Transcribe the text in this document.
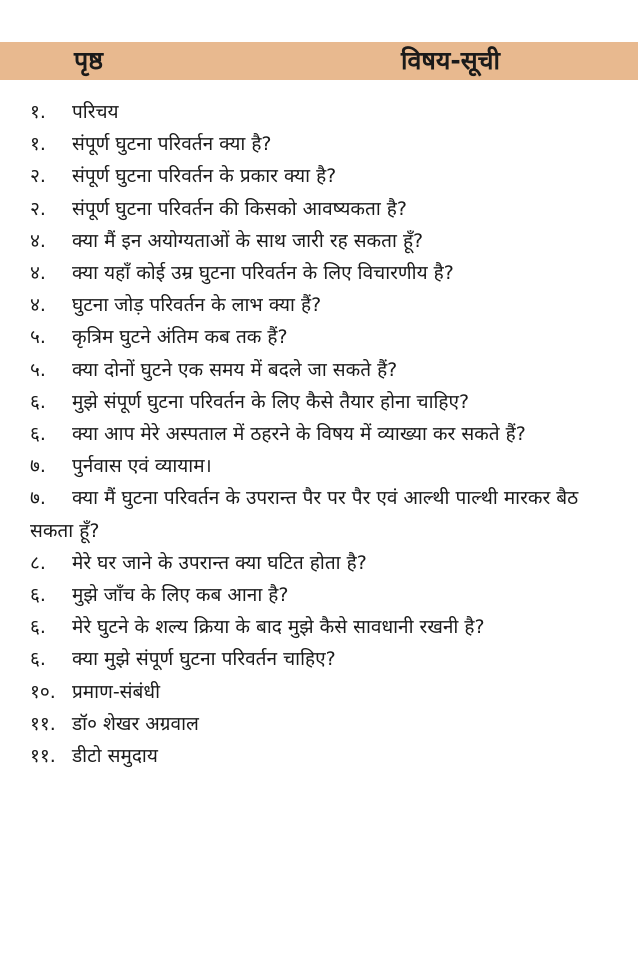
पृष्ठ	विषय-सूची
१. परिचय
१. संपूर्ण घुटना परिवर्तन क्या है?
२. संपूर्ण घुटना परिवर्तन के प्रकार क्या है?
२. संपूर्ण घुटना परिवर्तन की किसको आवष्यकता है?
४. क्या मैं इन अयोग्यताओं के साथ जारी रह सकता हूँ?
४. क्या यहाँ कोई उम्र घुटना परिवर्तन के लिए विचारणीय है?
४. घुटना जोड़ परिवर्तन के लाभ क्या हैं?
५. कृत्रिम घुटने अंतिम कब तक हैं?
५. क्या दोनों घुटने एक समय में बदले जा सकते हैं?
६. मुझे संपूर्ण घुटना परिवर्तन के लिए कैसे तैयार होना चाहिए?
६. क्या आप मेरे अस्पताल में ठहरने के विषय में व्याख्या कर सकते हैं?
७. पुर्नवास एवं व्यायाम।
७. क्या मैं घुटना परिवर्तन के उपरान्त पैर पर पैर एवं आल्थी पाल्थी मारकर बैठ सकता हूँ?
८. मेरे घर जाने के उपरान्त क्या घटित होता है?
६. मुझे जाँच के लिए कब आना है?
६. मेरे घुटने के शल्य क्रिया के बाद मुझे कैसे सावधानी रखनी है?
६. क्या मुझे संपूर्ण घुटना परिवर्तन चाहिए?
१०. प्रमाण-संबंधी
११. डॉ० शेखर अग्रवाल
११. डीटो समुदाय
